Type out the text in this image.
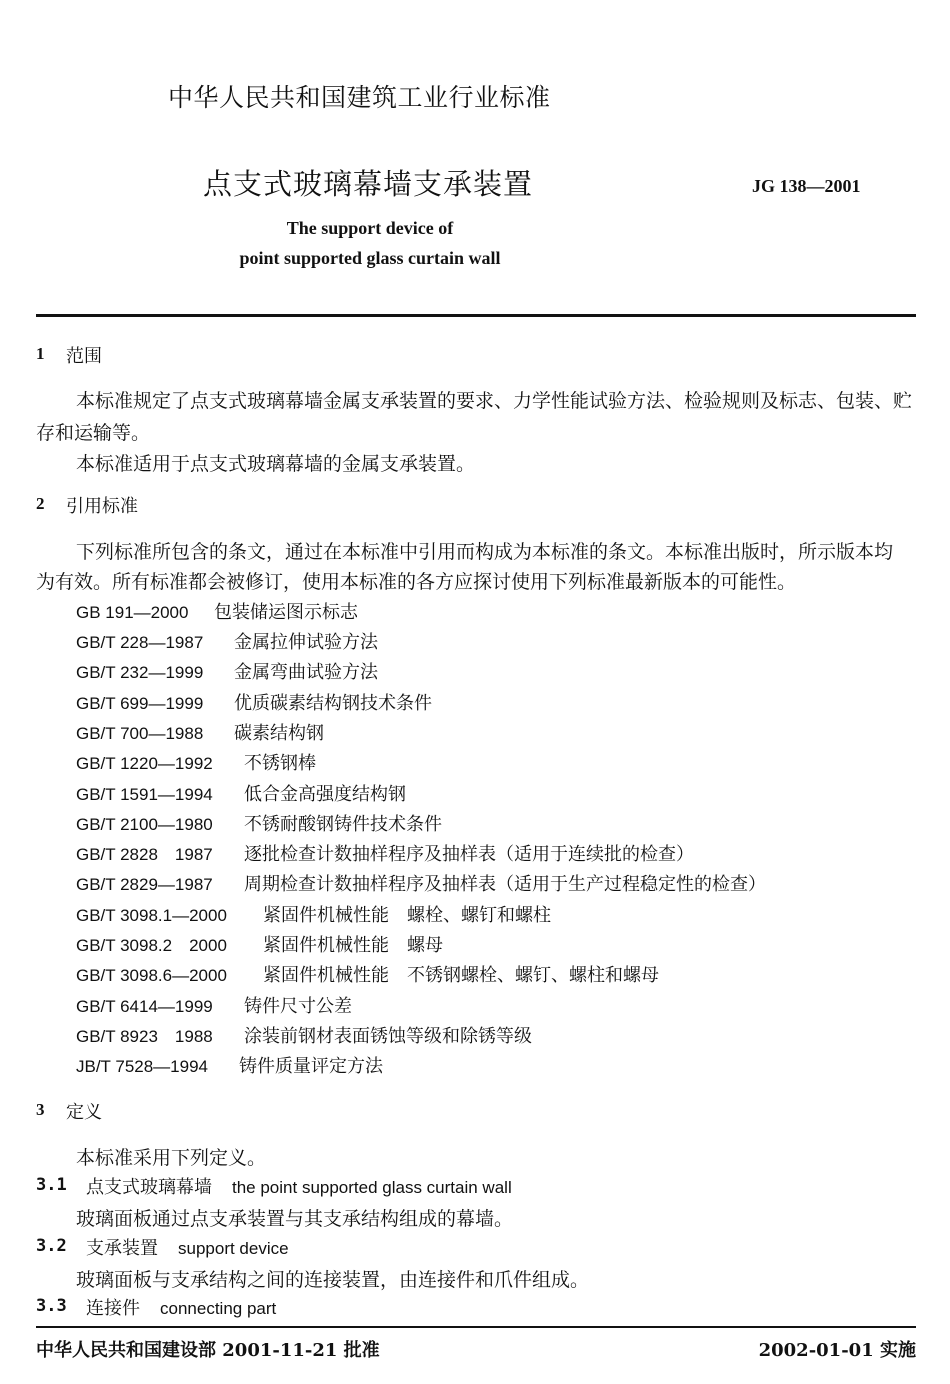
中华人民共和国建筑工业行业标准
点支式玻璃幕墙支承装置	JG 138—2001
The support device of
point supported glass curtain wall
1 范围
本标准规定了点支式玻璃幕墙金属支承装置的要求、力学性能试验方法、检验规则及标志、包装、贮
存和运输等。
本标准适用于点支式玻璃幕墙的金属支承装置。
2 引用标准
下列标准所包含的条文，通过在本标准中引用而构成为本标准的条文。本标准出版时，所示版本均
为有效。所有标准都会被修订，使用本标准的各方应探讨使用下列标准最新版本的可能性。
GB 191—2000 包装储运图示标志
GB/T 228—1987 金属拉伸试验方法
GB/T 232—1999 金属弯曲试验方法
GB/T 699—1999 优质碳素结构钢技术条件
GB/T 700—1988 碳素结构钢
GB/T 1220—1992 不锈钢棒
GB/T 1591—1994 低合金高强度结构钢
GB/T 2100—1980 不锈耐酸钢铸件技术条件
GB/T 2828　1987 逐批检查计数抽样程序及抽样表（适用于连续批的检查）
GB/T 2829—1987 周期检查计数抽样程序及抽样表（适用于生产过程稳定性的检查）
GB/T 3098.1—2000 紧固件机械性能　螺栓、螺钉和螺柱
GB/T 3098.2　2000 紧固件机械性能　螺母
GB/T 3098.6—2000 紧固件机械性能　不锈钢螺栓、螺钉、螺柱和螺母
GB/T 6414—1999 铸件尺寸公差
GB/T 8923　1988 涂装前钢材表面锈蚀等级和除锈等级
JB/T 7528—1994 铸件质量评定方法
3 定义
本标准采用下列定义。
3.1 点支式玻璃幕墙 the point supported glass curtain wall
玻璃面板通过点支承装置与其支承结构组成的幕墙。
3.2 支承装置 support device
玻璃面板与支承结构之间的连接装置，由连接件和爪件组成。
3.3 连接件 connecting part
中华人民共和国建设部 2001-11-21 批准	2002-01-01 实施
